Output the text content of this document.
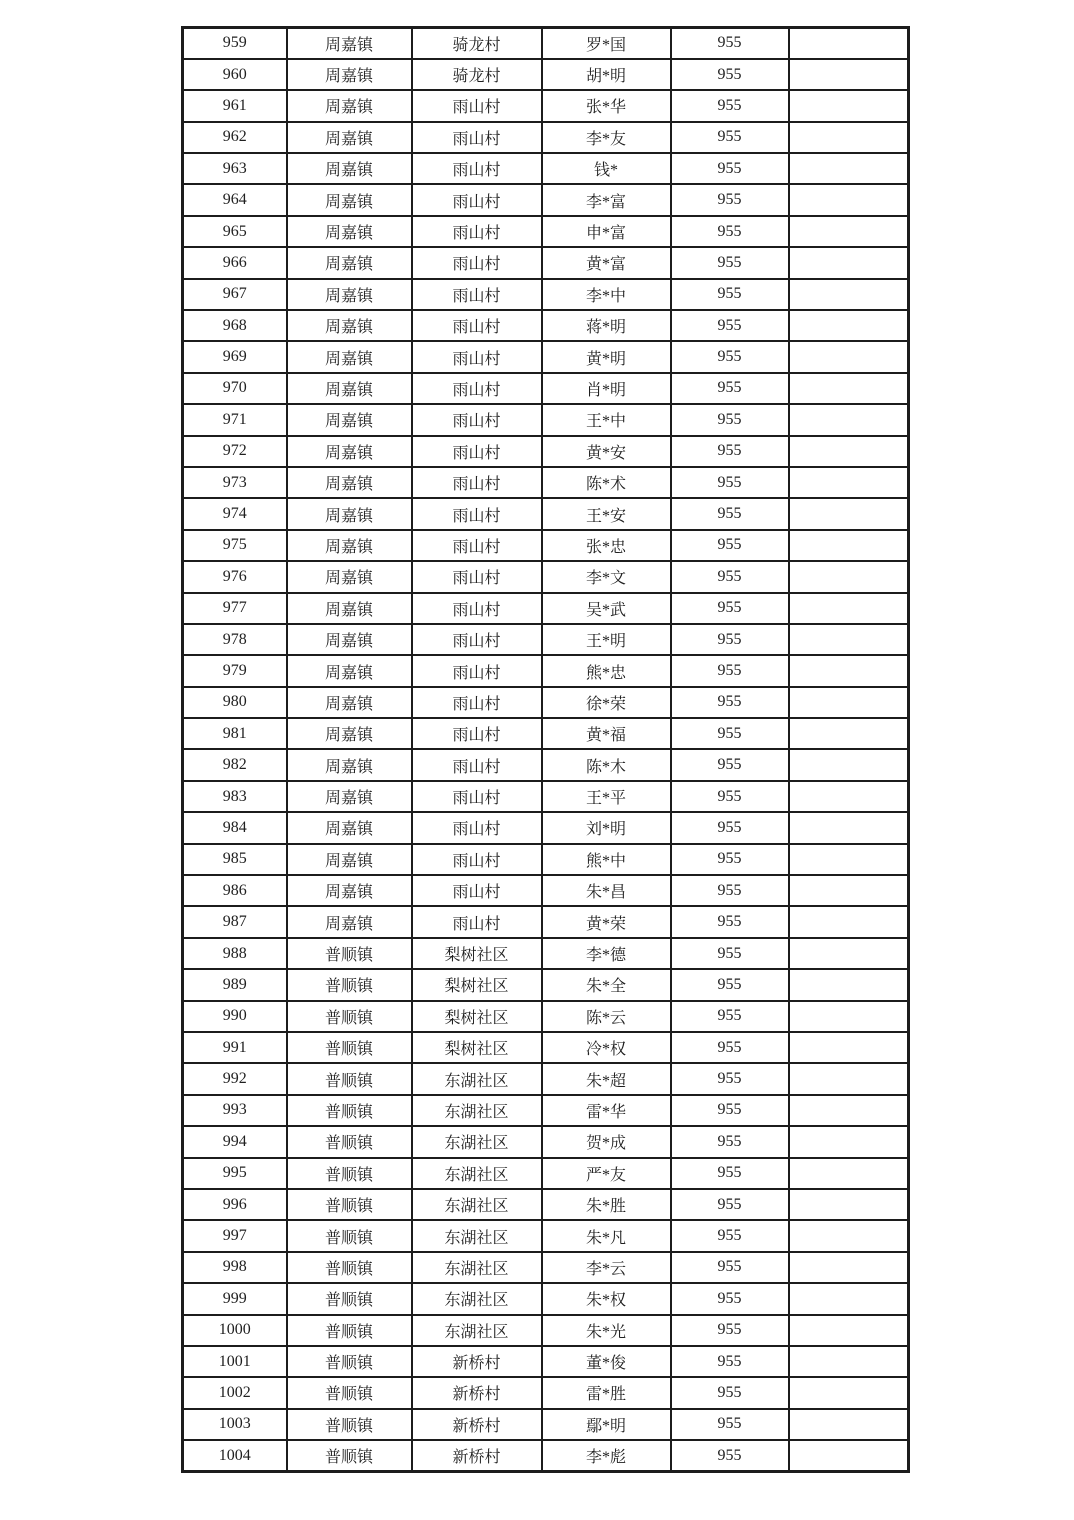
959	周嘉镇	骑龙村	罗*国	955	
960	周嘉镇	骑龙村	胡*明	955	
961	周嘉镇	雨山村	张*华	955	
962	周嘉镇	雨山村	李*友	955	
963	周嘉镇	雨山村	钱*	955	
964	周嘉镇	雨山村	李*富	955	
965	周嘉镇	雨山村	申*富	955	
966	周嘉镇	雨山村	黄*富	955	
967	周嘉镇	雨山村	李*中	955	
968	周嘉镇	雨山村	蒋*明	955	
969	周嘉镇	雨山村	黄*明	955	
970	周嘉镇	雨山村	肖*明	955	
971	周嘉镇	雨山村	王*中	955	
972	周嘉镇	雨山村	黄*安	955	
973	周嘉镇	雨山村	陈*术	955	
974	周嘉镇	雨山村	王*安	955	
975	周嘉镇	雨山村	张*忠	955	
976	周嘉镇	雨山村	李*文	955	
977	周嘉镇	雨山村	吴*武	955	
978	周嘉镇	雨山村	王*明	955	
979	周嘉镇	雨山村	熊*忠	955	
980	周嘉镇	雨山村	徐*荣	955	
981	周嘉镇	雨山村	黄*福	955	
982	周嘉镇	雨山村	陈*木	955	
983	周嘉镇	雨山村	王*平	955	
984	周嘉镇	雨山村	刘*明	955	
985	周嘉镇	雨山村	熊*中	955	
986	周嘉镇	雨山村	朱*昌	955	
987	周嘉镇	雨山村	黄*荣	955	
988	普顺镇	梨树社区	李*德	955	
989	普顺镇	梨树社区	朱*全	955	
990	普顺镇	梨树社区	陈*云	955	
991	普顺镇	梨树社区	冷*权	955	
992	普顺镇	东湖社区	朱*超	955	
993	普顺镇	东湖社区	雷*华	955	
994	普顺镇	东湖社区	贺*成	955	
995	普顺镇	东湖社区	严*友	955	
996	普顺镇	东湖社区	朱*胜	955	
997	普顺镇	东湖社区	朱*凡	955	
998	普顺镇	东湖社区	李*云	955	
999	普顺镇	东湖社区	朱*权	955	
1000	普顺镇	东湖社区	朱*光	955	
1001	普顺镇	新桥村	董*俊	955	
1002	普顺镇	新桥村	雷*胜	955	
1003	普顺镇	新桥村	鄢*明	955	
1004	普顺镇	新桥村	李*彪	955	
